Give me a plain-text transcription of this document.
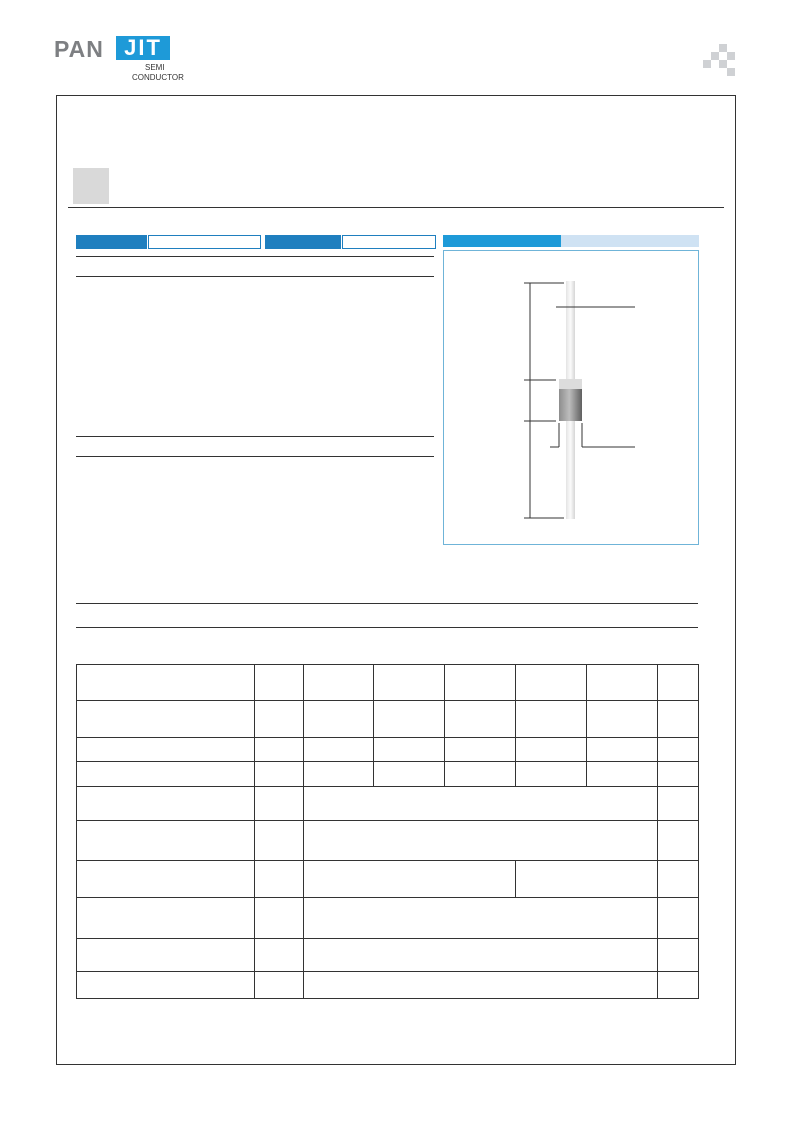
PAN JIT
SEMI
CONDUCTOR
